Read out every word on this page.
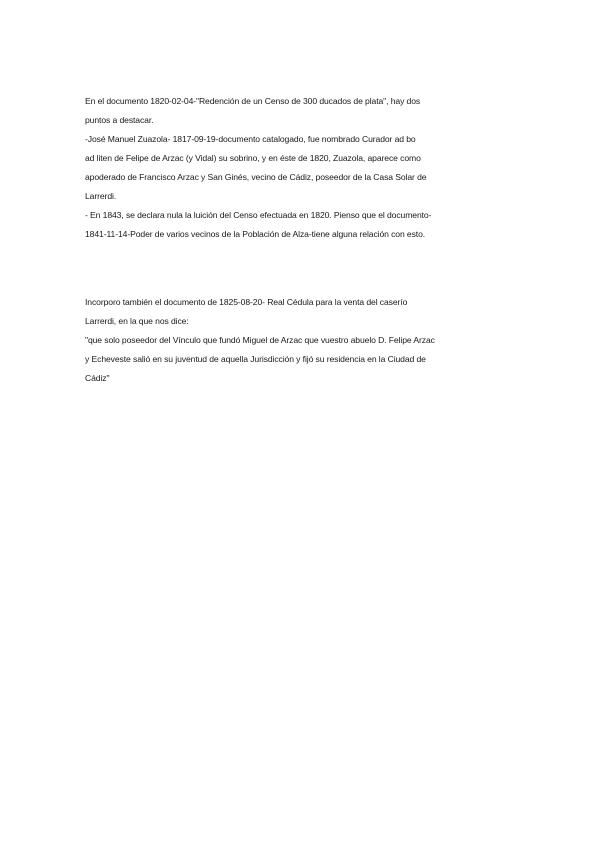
En el documento 1820-02-04-"Redención de un Censo de 300 ducados de plata", hay dos
puntos a destacar.
-José Manuel Zuazola- 1817-09-19-documento catalogado, fue nombrado Curador ad bo
ad liten de Felipe de Arzac (y Vidal) su sobrino, y en éste de 1820, Zuazola, aparece como
apoderado de Francisco Arzac y San Ginés, vecino de Cádiz, poseedor de la Casa Solar de
Larrerdi.
- En 1843, se declara nula la luición del Censo efectuada en 1820. Pienso que el documento-
1841-11-14-Poder de varios vecinos de la Población de Alza-tiene alguna relación con esto.
Incorporo también el documento de 1825-08-20- Real Cédula para la venta del caserío
Larrerdi, en la que nos dice:
"que solo poseedor del Vínculo que fundó Miguel de Arzac que vuestro abuelo D. Felipe Arzac
y Echeveste salió en su juventud de aquella Jurisdicción y fijó su residencia en la Ciudad de
Cádiz"
